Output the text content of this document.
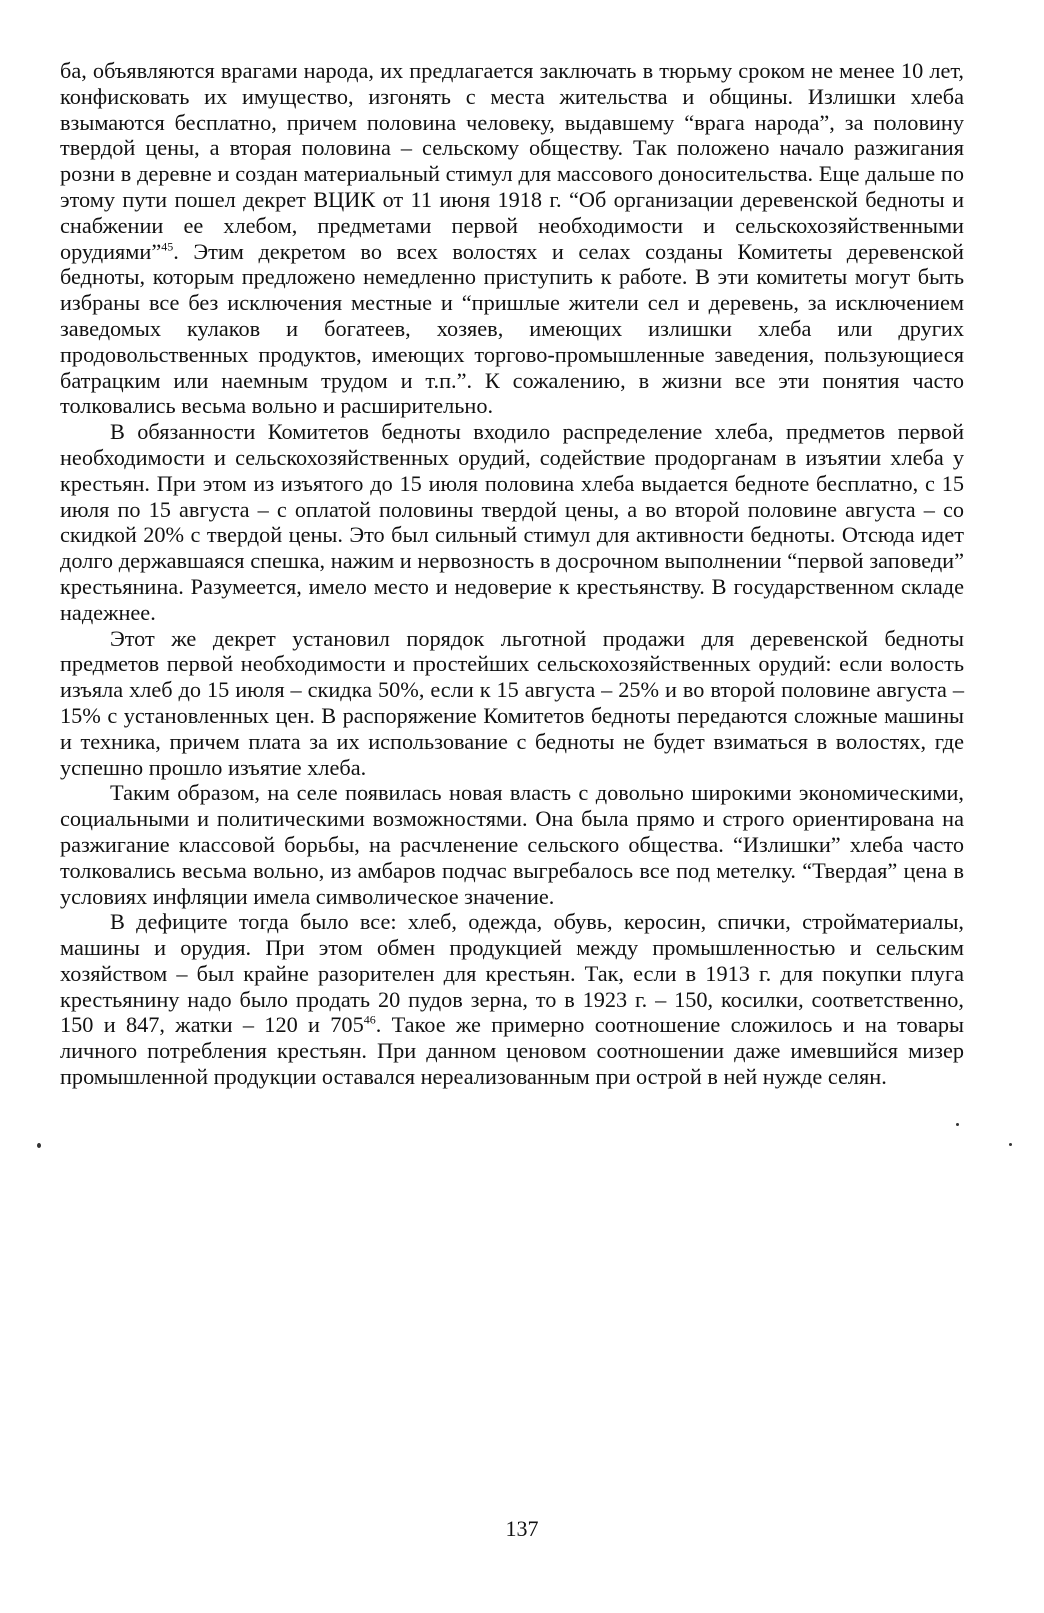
ба, объявляются врагами народа, их предлагается заключать в тюрьму сроком не менее 10 лет, конфисковать их имущество, изгонять с места жительства и общины. Излишки хлеба взымаются бесплатно, причем половина человеку, выдавшему “врага народа”, за половину твердой цены, а вторая половина – сельскому обществу. Так положено начало разжигания розни в деревне и создан материальный стимул для массового доносительства. Еще дальше по этому пути пошел декрет ВЦИК от 11 июня 1918 г. “Об организации деревенской бедноты и снабжении ее хлебом, предметами первой необходимости и сельскохозяйственными орудиями”$^{45}$. Этим декретом во всех волостях и селах созданы Комитеты деревенской бедноты, которым предложено немедленно приступить к работе. В эти комитеты могут быть избраны все без исключения местные и “пришлые жители сел и деревень, за исключением заведомых кулаков и богатеев, хозяев, имеющих излишки хлеба или других продовольственных продуктов, имеющих торгово-промышленные заведения, пользующиеся батрацким или наемным трудом и т.п.”. К сожалению, в жизни все эти понятия часто толковались весьма вольно и расширительно.

В обязанности Комитетов бедноты входило распределение хлеба, предметов первой необходимости и сельскохозяйственных орудий, содействие продорганам в изъятии хлеба у крестьян. При этом из изъятого до 15 июля половина хлеба выдается бедноте бесплатно, с 15 июля по 15 августа – с оплатой половины твердой цены, а во второй половине августа – со скидкой 20% с твердой цены. Это был сильный стимул для активности бедноты. Отсюда идет долго державшаяся спешка, нажим и нервозность в досрочном выполнении “первой заповеди” крестьянина. Разумеется, имело место и недоверие к крестьянству. В государственном складе надежнее.

Этот же декрет установил порядок льготной продажи для деревенской бедноты предметов первой необходимости и простейших сельскохозяйственных орудий: если волость изъяла хлеб до 15 июля – скидка 50%, если к 15 августа – 25% и во второй половине августа – 15% с установленных цен. В распоряжение Комитетов бедноты передаются сложные машины и техника, причем плата за их использование с бедноты не будет взиматься в волостях, где успешно прошло изъятие хлеба.

Таким образом, на селе появилась новая власть с довольно широкими экономическими, социальными и политическими возможностями. Она была прямо и строго ориентирована на разжигание классовой борьбы, на расчленение сельского общества. “Излишки” хлеба часто толковались весьма вольно, из амбаров подчас выгребалось все под метелку. “Твердая” цена в условиях инфляции имела символическое значение.

В дефиците тогда было все: хлеб, одежда, обувь, керосин, спички, стройматериалы, машины и орудия. При этом обмен продукцией между промышленностью и сельским хозяйством – был крайне разорителен для крестьян. Так, если в 1913 г. для покупки плуга крестьянину надо было продать 20 пудов зерна, то в 1923 г. – 150, косилки, соответственно, 150 и 847, жатки – 120 и $705^{46}$. Такое же примерно соотношение сложилось и на товары личного потребления крестьян. При данном ценовом соотношении даже имевшийся мизер промышленной продукции оставался нереализованным при острой в ней нужде селян.

137
